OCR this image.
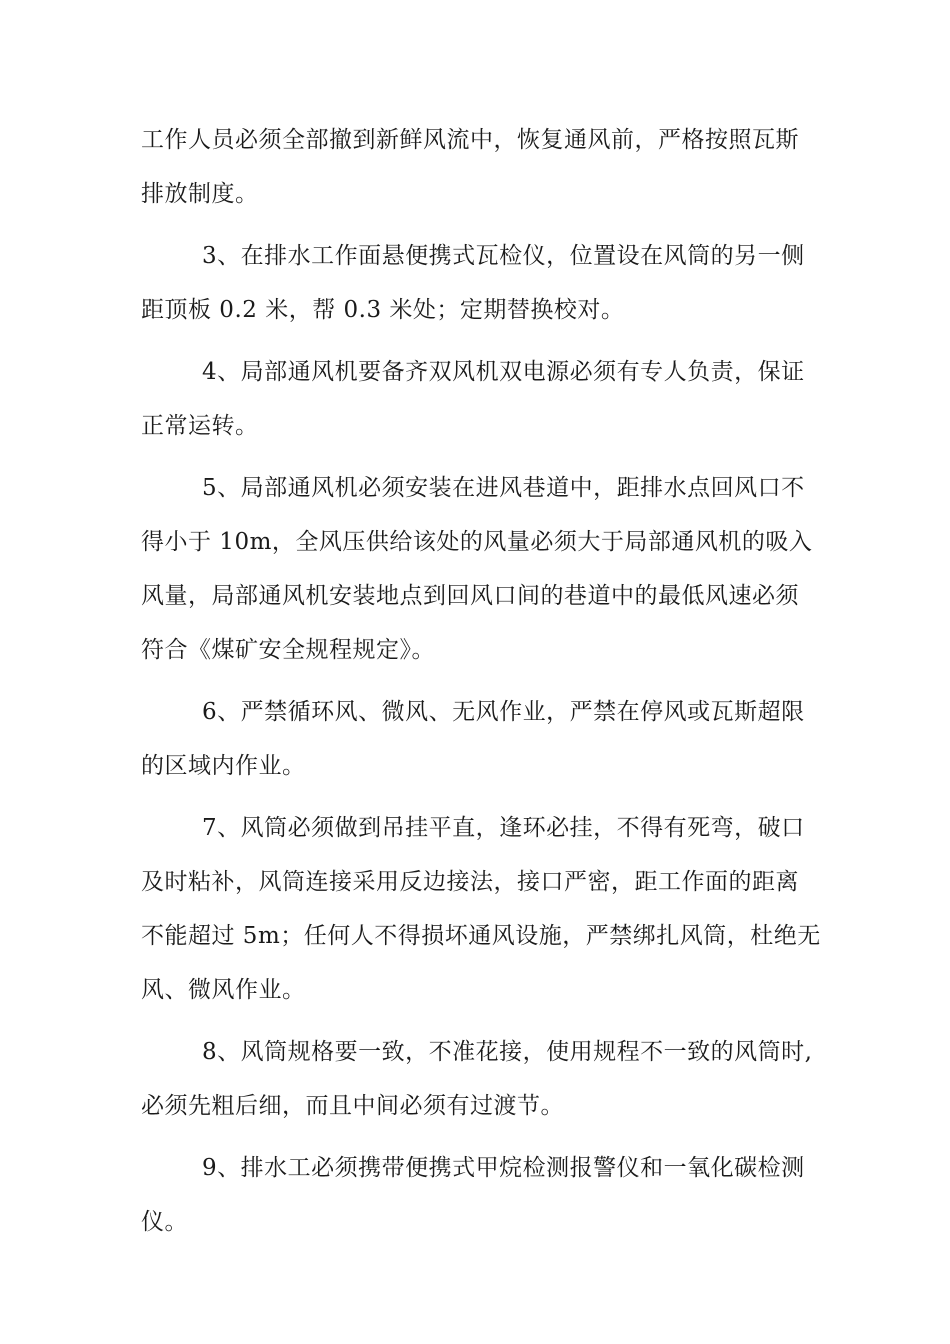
工作人员必须全部撤到新鲜风流中，恢复通风前，严格按照瓦斯
排放制度。
3、在排水工作面悬便携式瓦检仪，位置设在风筒的另一侧
距顶板 0.2 米，帮 0.3 米处；定期替换校对。
4、局部通风机要备齐双风机双电源必须有专人负责，保证
正常运转。
5、局部通风机必须安装在进风巷道中，距排水点回风口不
得小于 10m，全风压供给该处的风量必须大于局部通风机的吸入
风量，局部通风机安装地点到回风口间的巷道中的最低风速必须
符合《煤矿安全规程规定》。
6、严禁循环风、微风、无风作业，严禁在停风或瓦斯超限
的区域内作业。
7、风筒必须做到吊挂平直，逢环必挂，不得有死弯，破口
及时粘补，风筒连接采用反边接法，接口严密，距工作面的距离
不能超过 5m；任何人不得损坏通风设施，严禁绑扎风筒，杜绝无
风、微风作业。
8、风筒规格要一致，不准花接，使用规程不一致的风筒时,
必须先粗后细，而且中间必须有过渡节。
9、排水工必须携带便携式甲烷检测报警仪和一氧化碳检测
仪。
